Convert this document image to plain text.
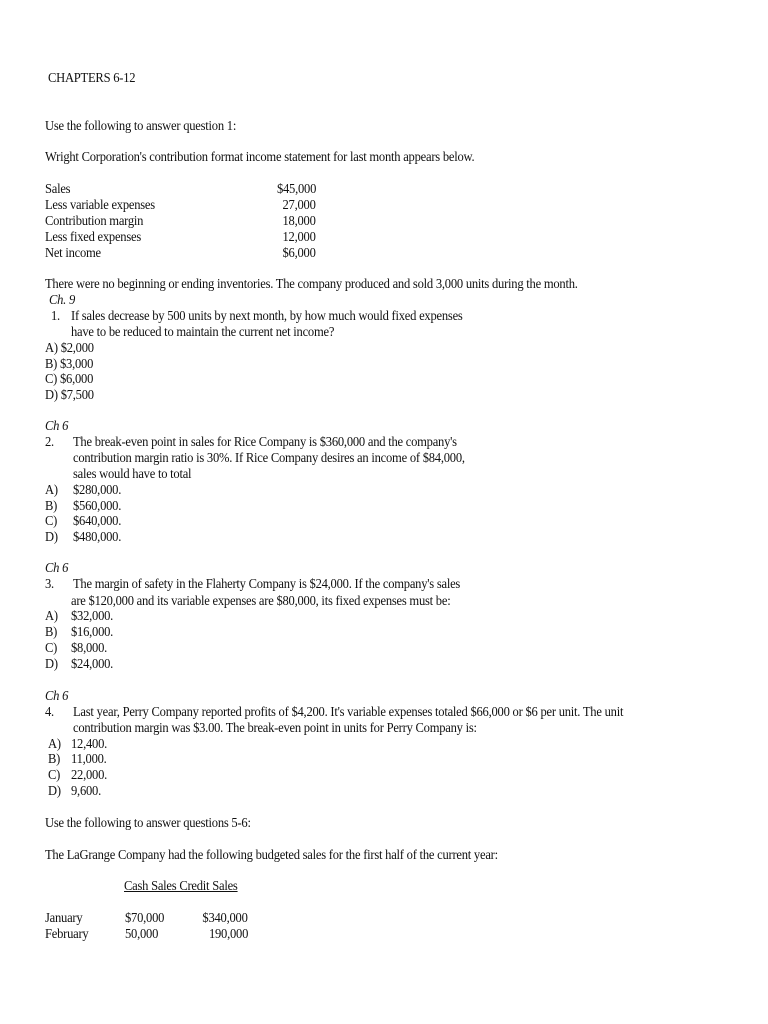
CHAPTERS 6-12
Use the following to answer question 1:
Wright Corporation's contribution format income statement for last month appears below.
Sales	$45,000
Less variable expenses	27,000
Contribution margin	18,000
Less fixed expenses	12,000
Net income	$6,000
There were no beginning or ending inventories. The company produced and sold 3,000 units during the month.
Ch. 9
1. If sales decrease by 500 units by next month, by how much would fixed expenses
have to be reduced to maintain the current net income?
A) $2,000
B) $3,000
C) $6,000
D) $7,500
Ch 6
2. The break-even point in sales for Rice Company is $360,000 and the company's
contribution margin ratio is 30%. If Rice Company desires an income of $84,000,
sales would have to total
A) $280,000.
B) $560,000.
C) $640,000.
D) $480,000.
Ch 6
3. The margin of safety in the Flaherty Company is $24,000. If the company's sales
are $120,000 and its variable expenses are $80,000, its fixed expenses must be:
A) $32,000.
B) $16,000.
C) $8,000.
D) $24,000.
Ch 6
4. Last year, Perry Company reported profits of $4,200. It's variable expenses totaled $66,000 or $6 per unit. The unit
contribution margin was $3.00. The break-even point in units for Perry Company is:
A) 12,400.
B) 11,000.
C) 22,000.
D) 9,600.
Use the following to answer questions 5-6:
The LaGrange Company had the following budgeted sales for the first half of the current year:
Cash Sales Credit Sales
January	$70,000	$340,000
February	50,000	190,000
